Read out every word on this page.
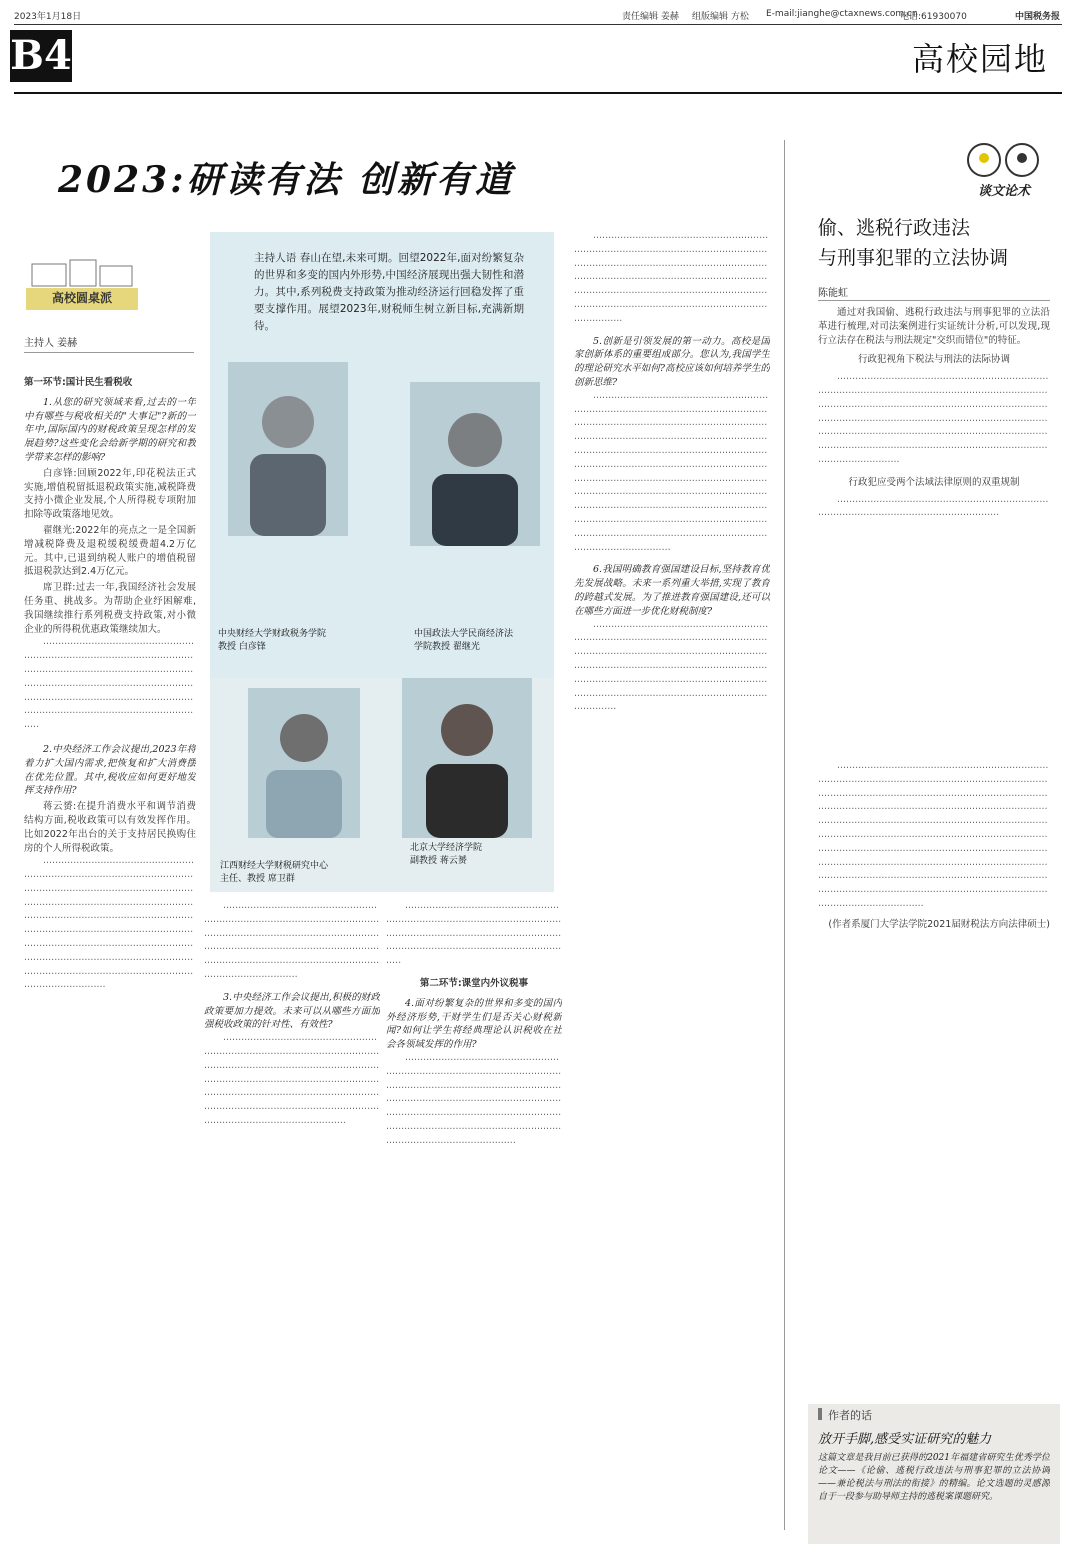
2023年1月18日	责任编辑 姜赫 组版编辑 方松 E-mail:jianghe@ctaxnews.com.cn
电话:61930070	中国税务报
B4	高校园地
2023:研读有法 创新有道
高校圆桌派
主持人 姜赫
主持人语 春山在望,未来可期。回望2022年,面对纷繁复杂的世界和多变的国内外形势,中国经济展现出强大韧性和潜力。其中,系列税费支持政策为推动经济运行回稳发挥了重要支撑作用。展望2023年,财税师生树立新目标,充满新期待。
中央财经大学财政税务学院
教授 白彦锋
中国政法大学民商经济法
学院教授 翟继光
江西财经大学财税研究中心
主任、教授 席卫群
北京大学经济学院
副教授 蒋云赟

第一环节:国计民生看税收

1.从您的研究领域来看,过去的一年中有哪些与税收相关的"大事记"?新的一年中,国际国内的财税政策呈现怎样的发展趋势?这些变化会给新学期的研究和教学带来怎样的影响?

白彦锋:回顾2022年,印花税法正式实施,增值税留抵退税政策实施,减税降费支持小微企业发展,个人所得税专项附加扣除等政策落地见效。

翟继光:2022年的亮点之一是全国新增减税降费及退税缓税缓费超4.2万亿元。其中,已退到纳税人账户的增值税留抵退税款达到2.4万亿元。

席卫群:过去一年,我国经济社会发展任务重、挑战多。为帮助企业纾困解难,我国继续推行系列税费支持政策,对小微企业的所得税优惠政策继续加大。

···············································································································································································································································································································································

2.中央经济工作会议提出,2023年将着力扩大国内需求,把恢复和扩大消费摆在优先位置。其中,税收应如何更好地发挥支持作用?

蒋云赟:在提升消费水平和调节消费结构方面,税收政策可以有效发挥作用。比如2022年出台的关于支持居民换购住房的个人所得税政策。

·············································································································································································································································································································································································································································································································································

··························································································································································································································································································································

3.中央经济工作会议提出,积极的财政政策要加力提效。未来可以从哪些方面加强税收政策的针对性、有效性?

····································································································································································································································································································································································································

······································································································································································································································

第二环节:课堂内外议税事

4.面对纷繁复杂的世界和多变的国内外经济形势,干财学生们是否关心财税新闻?如何让学生将经典理论认识税收在社会各领域发挥的作用?

································································································································································································································································································································································································

··········································································································································································································································································································································································································

5.创新是引领发展的第一动力。高校是国家创新体系的重要组成部分。您认为,我国学生的理论研究水平如何?高校应该如何培养学生的创新思维?

··························································································································································································································································································································································································································································································································································································································································································································································

6.我国明确教育强国建设目标,坚持教育优先发展战略。未来一系列重大举措,实现了教育的跨越式发展。为了推进教育强国建设,还可以在哪些方面进一步优化财税制度?

········································································································································································································································································································································································································

谈文论术
偷、逃税行政违法
与刑事犯罪的立法协调
陈能虹

通过对我国偷、逃税行政违法与刑事犯罪的立法沿革进行梳理,对司法案例进行实证统计分析,可以发现,现行立法存在税法与刑法规定"交织而错位"的特征。

行政犯视角下税法与刑法的法际协调

·····························································································································································································································································································································································································································································································

行政犯应受两个法域法律原则的双重规制

··································································································································

·····················································································································································································································································································································································································································································································································································································································································································································································································································

(作者系厦门大学法学院2021届财税法方向法律硕士)

作者的话
放开手脚,感受实证研究的魅力
这篇文章是我目前已获得的2021年福建省研究生优秀学位论文——《论偷、逃税行政违法与刑事犯罪的立法协调——兼论税法与刑法的衔接》的精编。论文选题的灵感源自于一段参与助导师主持的逃税案课题研究。
